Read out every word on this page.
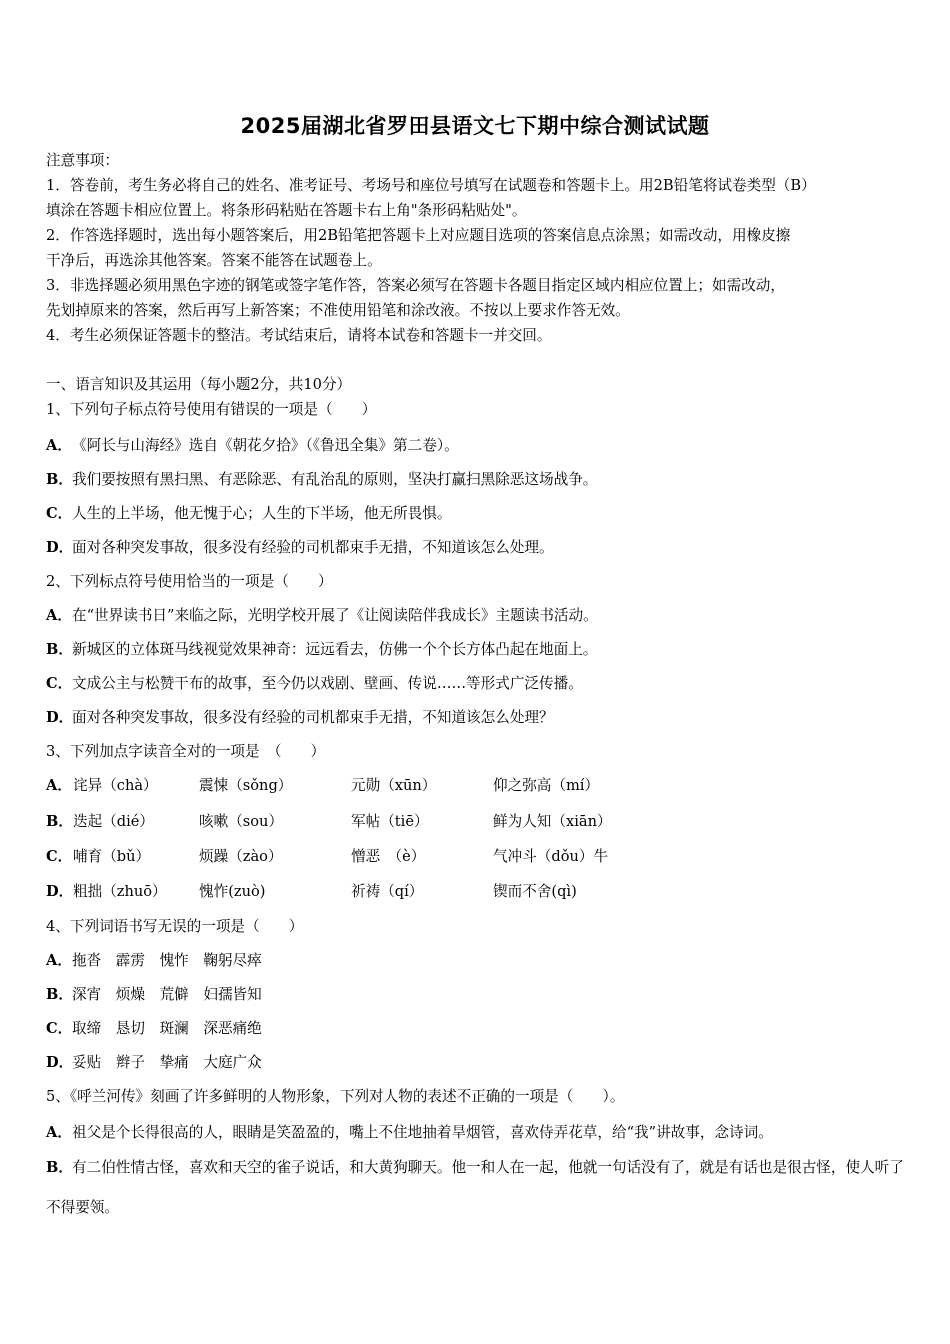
2025届湖北省罗田县语文七下期中综合测试试题
注意事项：
1．答卷前，考生务必将自己的姓名、准考证号、考场号和座位号填写在试题卷和答题卡上。用2B铅笔将试卷类型（B）
填涂在答题卡相应位置上。将条形码粘贴在答题卡右上角"条形码粘贴处"。
2．作答选择题时，选出每小题答案后，用2B铅笔把答题卡上对应题目选项的答案信息点涂黑；如需改动，用橡皮擦
干净后，再选涂其他答案。答案不能答在试题卷上。
3．非选择题必须用黑色字迹的钢笔或签字笔作答，答案必须写在答题卡各题目指定区域内相应位置上；如需改动，
先划掉原来的答案，然后再写上新答案；不准使用铅笔和涂改液。不按以上要求作答无效。
4．考生必须保证答题卡的整洁。考试结束后，请将本试卷和答题卡一并交回。
一、语言知识及其运用（每小题2分，共10分）
1、下列句子标点符号使用有错误的一项是（　　）
A．《阿长与山海经》选自《朝花夕拾》（《鲁迅全集》第二卷）。
B．我们要按照有黑扫黑、有恶除恶、有乱治乱的原则，坚决打赢扫黑除恶这场战争。
C．人生的上半场，他无愧于心；人生的下半场，他无所畏惧。
D．面对各种突发事故，很多没有经验的司机都束手无措，不知道该怎么处理。
2、下列标点符号使用恰当的一项是（　　）
A．在“世界读书日”来临之际，光明学校开展了《让阅读陪伴我成长》主题读书活动。
B．新城区的立体斑马线视觉效果神奇：远远看去，仿佛一个个长方体凸起在地面上。
C．文成公主与松赞干布的故事，至今仍以戏剧、壁画、传说……等形式广泛传播。
D．面对各种突发事故，很多没有经验的司机都束手无措，不知道该怎么处理？
3、下列加点字读音全对的一项是　（　　）
A． 诧异（chà）	震悚（sǒng）	元勋（xūn）	仰之弥高（mí）
B． 迭起（dié）	咳嗽（sou）	军帖（tiē）	鲜为人知（xiān）
C． 哺育（bǔ）	烦躁（zào）	憎恶　（è）	气冲斗（dǒu）牛
D． 粗拙（zhuō） 愧怍(zuò)	祈祷（qí）	锲而不舍(qì)
4、下列词语书写无误的一项是（　　）
A．拖沓　霹雳　愧怍　鞠躬尽瘁
B．深宵　烦燥　荒僻　妇孺皆知
C．取缔　恳切　斑澜　深恶痛绝
D．妥贴　辫子　挚痛　大庭广众
5、《呼兰河传》刻画了许多鲜明的人物形象，下列对人物的表述不正确的一项是（　　）。
A．祖父是个长得很高的人，眼睛是笑盈盈的，嘴上不住地抽着旱烟管，喜欢侍弄花草，给“我”讲故事，念诗词。
B．有二伯性情古怪，喜欢和天空的雀子说话，和大黄狗聊天。他一和人在一起，他就一句话没有了，就是有话也是很古怪，使人听了不得要领。
